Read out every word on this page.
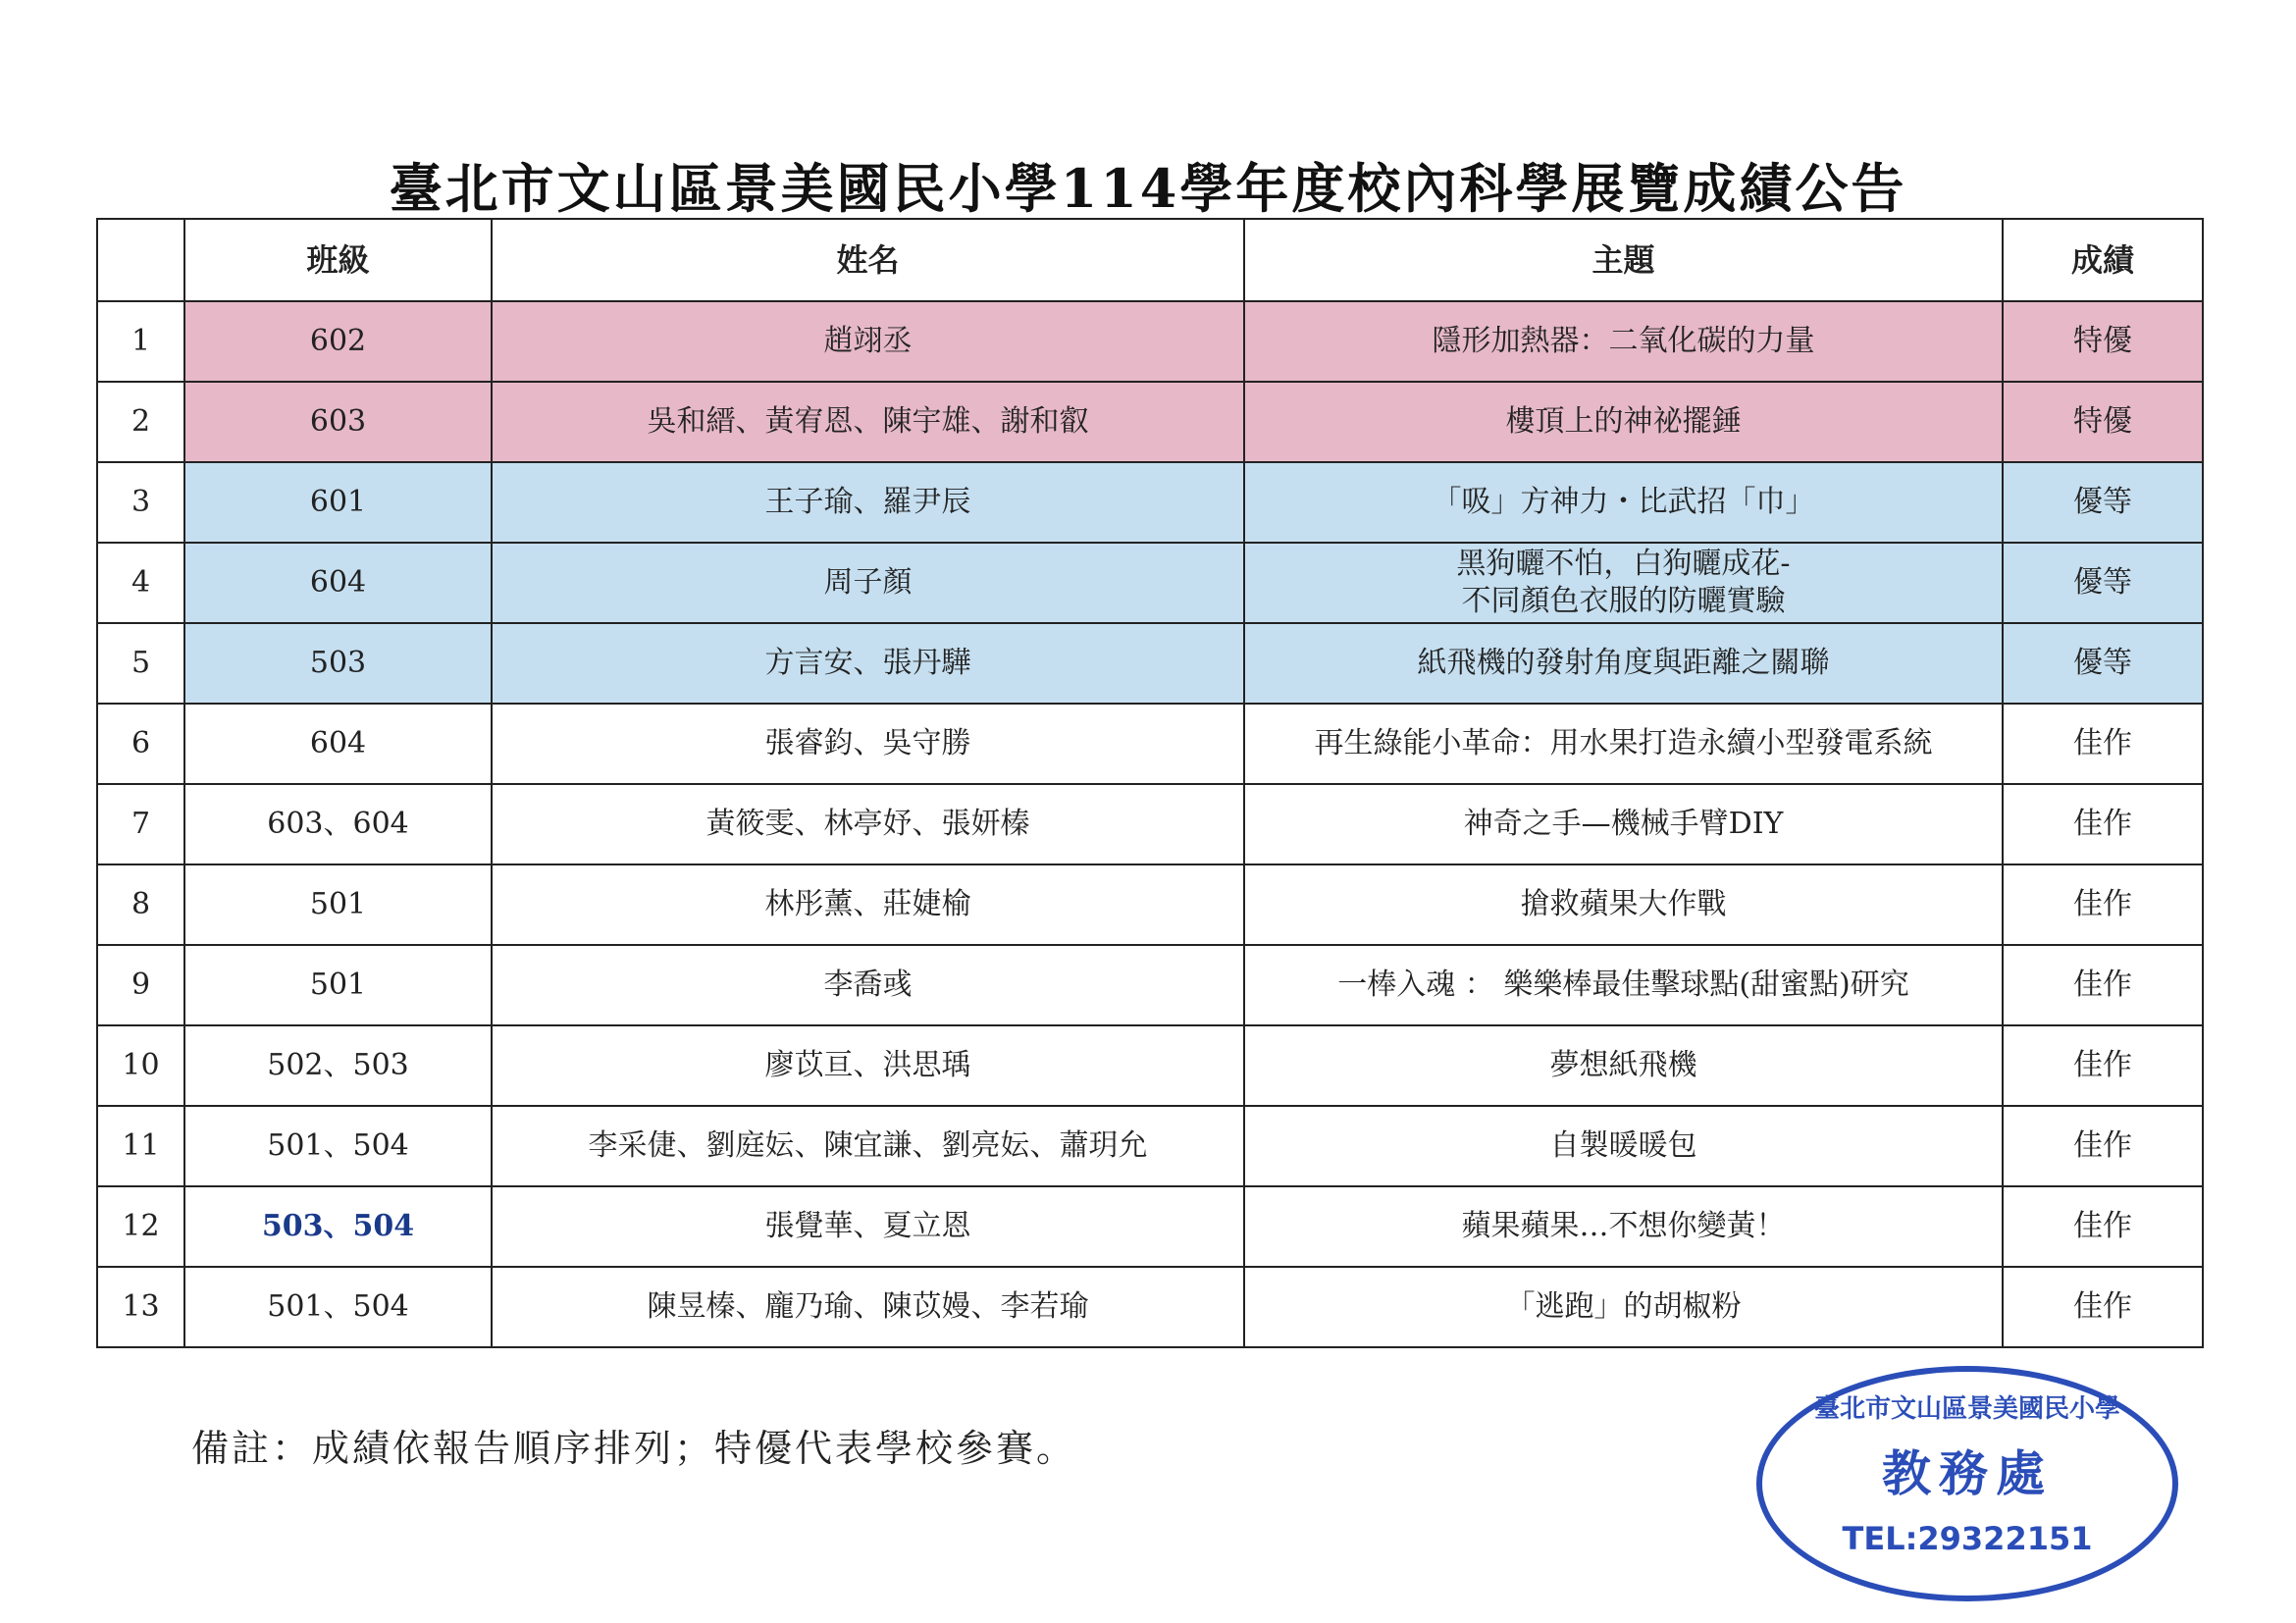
臺北市文山區景美國民小學114學年度校內科學展覽成績公告
	班級	姓名	主題	成績
1	602	趙翊丞	隱形加熱器：二氧化碳的力量	特優
2	603	吳和縉、黃宥恩、陳宇雄、謝和叡	樓頂上的神祕擺錘	特優
3	601	王子瑜、羅尹辰	「吸」方神力・比武招「巾」	優等
4	604	周子顏	黑狗曬不怕，白狗曬成花-
不同顏色衣服的防曬實驗	優等
5	503	方言安、張丹驊	紙飛機的發射角度與距離之關聯	優等
6	604	張睿鈞、吳守勝	再生綠能小革命：用水果打造永續小型發電系統	佳作
7	603、604	黃筱雯、林亭妤、張妍榛	神奇之手—機械手臂DIY	佳作
8	501	林彤薰、莊婕榆	搶救蘋果大作戰	佳作
9	501	李喬彧	一棒入魂 ： 樂樂棒最佳擊球點(甜蜜點)研究	佳作
10	502、503	廖苡亘、洪思瑀	夢想紙飛機	佳作
11	501、504	李采倢、劉庭妘、陳宜謙、劉亮妘、蕭玥允	自製暖暖包	佳作
12	503、504	張覺華、夏立恩	蘋果蘋果…不想你變黃！	佳作
13	501、504	陳昱榛、龐乃瑜、陳苡嫚、李若瑜	「逃跑」的胡椒粉	佳作
備註：成績依報告順序排列；特優代表學校參賽。
臺北市文山區景美國民小學
教務處
TEL:29322151
